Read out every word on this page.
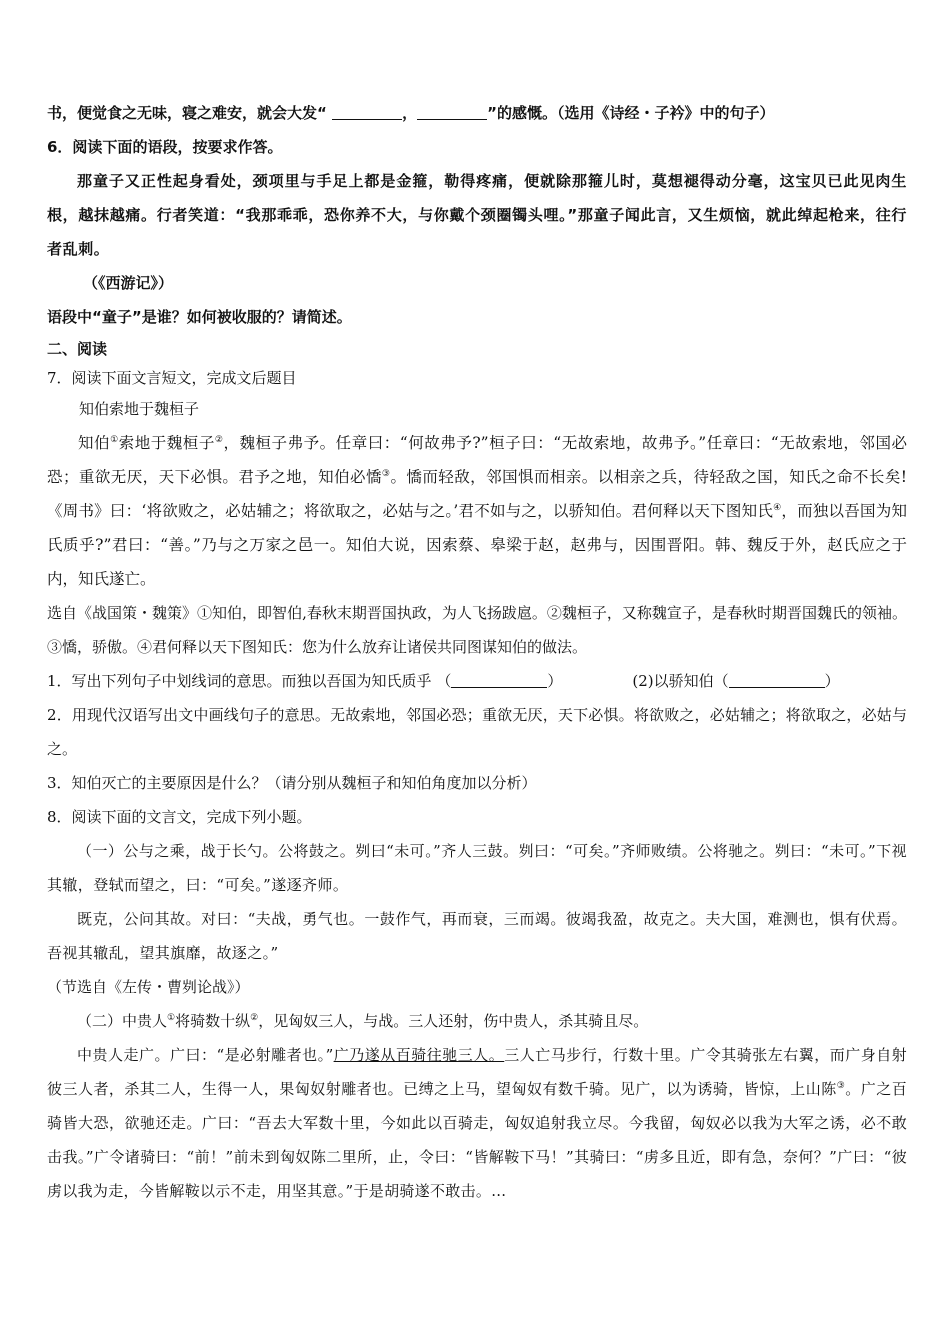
书，便觉食之无味，寝之难安，就会大发“	，	”的感慨。（选用《诗经・子衿》中的句子）

6．阅读下面的语段，按要求作答。

那童子又正性起身看处，颈项里与手足上都是金箍，勒得疼痛，便就除那箍儿时，莫想褪得动分毫，这宝贝已此见肉生根，越抹越痛。行者笑道：“我那乖乖，恐你养不大，与你戴个颈圈镯头哩。”那童子闻此言，又生烦恼，就此绰起枪来，往行者乱刺。

（《西游记》）

语段中“童子”是谁？如何被收服的？请简述。

二、阅读

7．阅读下面文言短文，完成文后题目

知伯索地于魏桓子

知伯①索地于魏桓子②，魏桓子弗予。任章曰：“何故弗予?”桓子曰：“无故索地，故弗予。”任章曰：“无故索地，邻国必恐；重欲无厌，天下必惧。君予之地，知伯必憍③。憍而轻敌，邻国惧而相亲。以相亲之兵，待轻敌之国，知氏之命不长矣!《周书》曰：‘将欲败之，必姑辅之；将欲取之，必姑与之。’君不如与之，以骄知伯。君何释以天下图知氏④，而独以吾国为知氏质乎?”君曰：“善。”乃与之万家之邑一。知伯大说，因索蔡、皋梁于赵，赵弗与，因围晋阳。韩、魏反于外，赵氏应之于内，知氏遂亡。

选自《战国策・魏策》①知伯，即智伯,春秋末期晋国执政，为人飞扬跋扈。②魏桓子，又称魏宣子，是春秋时期晋国魏氏的领袖。③憍，骄傲。④君何释以天下图知氏：您为什么放弃让诸侯共同图谋知伯的做法。

1．写出下列句子中划线词的意思。而独以吾国为知氏质乎 （	）	(2)以骄知伯（	）

2．用现代汉语写出文中画线句子的意思。无故索地，邻国必恐；重欲无厌，天下必惧。将欲败之，必姑辅之；将欲取之，必姑与之。

3．知伯灭亡的主要原因是什么？（请分别从魏桓子和知伯角度加以分析）

8．阅读下面的文言文，完成下列小题。

（一）公与之乘，战于长勺。公将鼓之。刿曰“未可。”齐人三鼓。刿曰：“可矣。”齐师败绩。公将驰之。刿曰：“未可。”下视其辙，登轼而望之，曰：“可矣。”遂逐齐师。

既克，公问其故。对曰：“夫战，勇气也。一鼓作气，再而衰，三而竭。彼竭我盈，故克之。夫大国，难测也，惧有伏焉。吾视其辙乱，望其旗靡，故逐之。”

（节选自《左传・曹刿论战》）

（二）中贵人①将骑数十纵②，见匈奴三人，与战。三人还射，伤中贵人，杀其骑且尽。

中贵人走广。广曰：“是必射雕者也。”广乃遂从百骑往驰三人。三人亡马步行，行数十里。广令其骑张左右翼，而广身自射彼三人者，杀其二人，生得一人，果匈奴射雕者也。已缚之上马，望匈奴有数千骑。见广，以为诱骑，皆惊，上山陈③。广之百骑皆大恐，欲驰还走。广曰：“吾去大军数十里，今如此以百骑走，匈奴追射我立尽。今我留，匈奴必以我为大军之诱，必不敢击我。”广令诸骑曰：“前！”前未到匈奴陈二里所，止，令曰：“皆解鞍下马！”其骑曰：“虏多且近，即有急，奈何？”广曰：“彼虏以我为走，今皆解鞍以示不走，用坚其意。”于是胡骑遂不敢击。…
